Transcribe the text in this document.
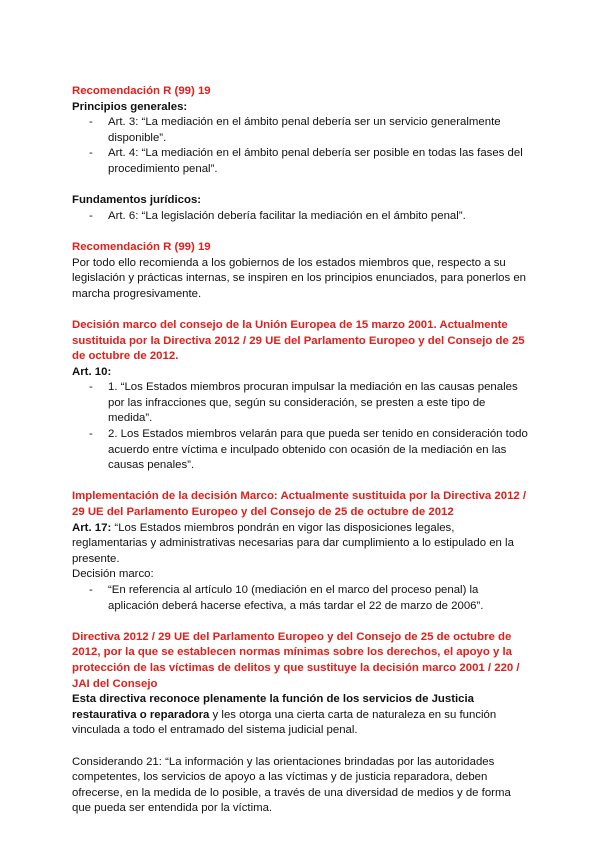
Recomendación R (99) 19

Principios generales:

- Art. 3: “La mediación en el ámbito penal debería ser un servicio generalmente disponible”.
- Art. 4: “La mediación en el ámbito penal debería ser posible en todas las fases del procedimiento penal”.

Fundamentos jurídicos:

- Art. 6: “La legislación debería facilitar la mediación en el ámbito penal”.

Recomendación R (99) 19

Por todo ello recomienda a los gobiernos de los estados miembros que, respecto a su legislación y prácticas internas, se inspiren en los principios enunciados, para ponerlos en marcha progresivamente.

Decisión marco del consejo de la Unión Europea de 15 marzo 2001. Actualmente sustituida por la Directiva 2012 / 29 UE del Parlamento Europeo y del Consejo de 25 de octubre de 2012.

Art. 10:

- 1. “Los Estados miembros procuran impulsar la mediación en las causas penales por las infracciones que, según su consideración, se presten a este tipo de medida”.
- 2. Los Estados miembros velarán para que pueda ser tenido en consideración todo acuerdo entre víctima e inculpado obtenido con ocasión de la mediación en las causas penales”.

Implementación de la decisión Marco: Actualmente sustituida por la Directiva 2012 / 29 UE del Parlamento Europeo y del Consejo de 25 de octubre de 2012

Art. 17: “Los Estados miembros pondrán en vigor las disposiciones legales, reglamentarias y administrativas necesarias para dar cumplimiento a lo estipulado en la presente.

Decisión marco:

- “En referencia al artículo 10 (mediación en el marco del proceso penal) la aplicación deberá hacerse efectiva, a más tardar el 22 de marzo de 2006”.

Directiva 2012 / 29 UE del Parlamento Europeo y del Consejo de 25 de octubre de 2012, por la que se establecen normas mínimas sobre los derechos, el apoyo y la protección de las víctimas de delitos y que sustituye la decisión marco 2001 / 220 / JAI del Consejo

Esta directiva reconoce plenamente la función de los servicios de Justicia restaurativa o reparadora y les otorga una cierta carta de naturaleza en su función vinculada a todo el entramado del sistema judicial penal.

Considerando 21: “La información y las orientaciones brindadas por las autoridades competentes, los servicios de apoyo a las víctimas y de justicia reparadora, deben ofrecerse, en la medida de lo posible, a través de una diversidad de medios y de forma que pueda ser entendida por la víctima.
